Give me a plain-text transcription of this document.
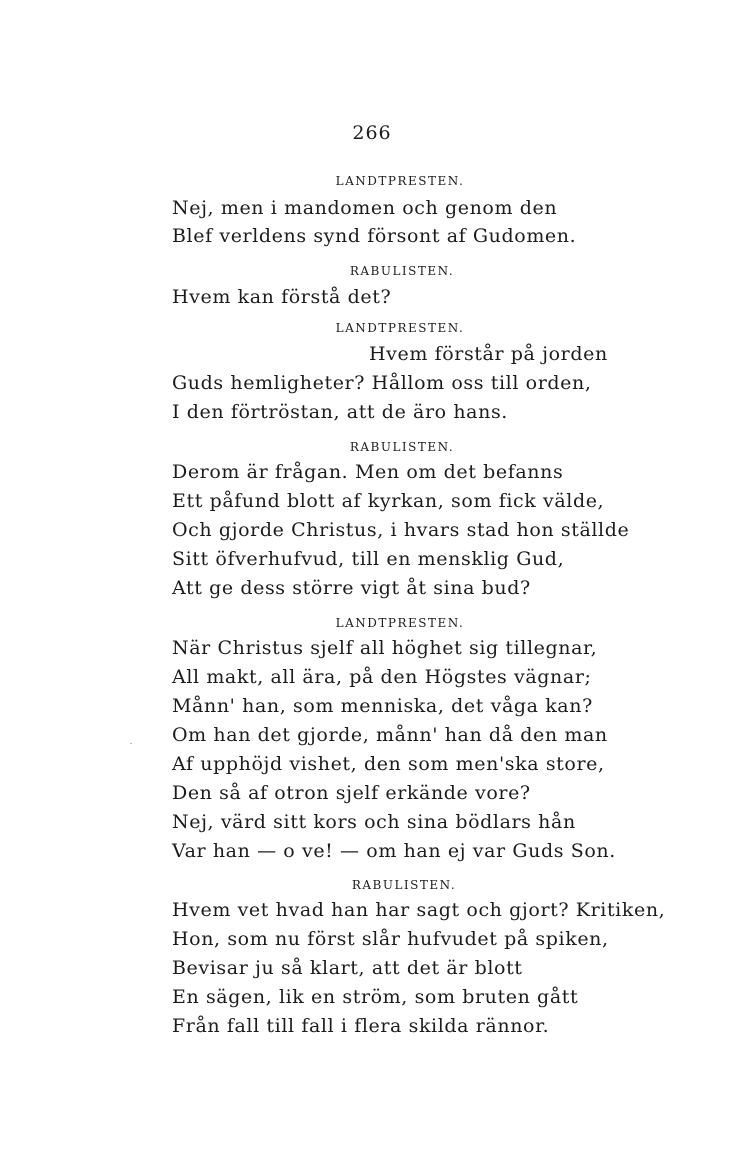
266
LANDTPRESTEN.
Nej, men i mandomen och genom den
Blef verldens synd försont af Gudomen.
RABULISTEN.
Hvem kan förstå det?
LANDTPRESTEN.
Hvem förstår på jorden
Guds hemligheter? Hållom oss till orden,
I den förtröstan, att de äro hans.
RABULISTEN.
Derom är frågan. Men om det befanns
Ett påfund blott af kyrkan, som fick välde,
Och gjorde Christus, i hvars stad hon ställde
Sitt öfverhufvud, till en mensklig Gud,
Att ge dess större vigt åt sina bud?
LANDTPRESTEN.
När Christus sjelf all höghet sig tillegnar,
All makt, all ära, på den Högstes vägnar;
Månn' han, som menniska, det våga kan?
Om han det gjorde, månn' han då den man
Af upphöjd vishet, den som men'ska store,
Den så af otron sjelf erkände vore?
Nej, värd sitt kors och sina bödlars hån
Var han — o ve! — om han ej var Guds Son.
RABULISTEN.
Hvem vet hvad han har sagt och gjort? Kritiken,
Hon, som nu först slår hufvudet på spiken,
Bevisar ju så klart, att det är blott
En sägen, lik en ström, som bruten gått
Från fall till fall i flera skilda rännor.
